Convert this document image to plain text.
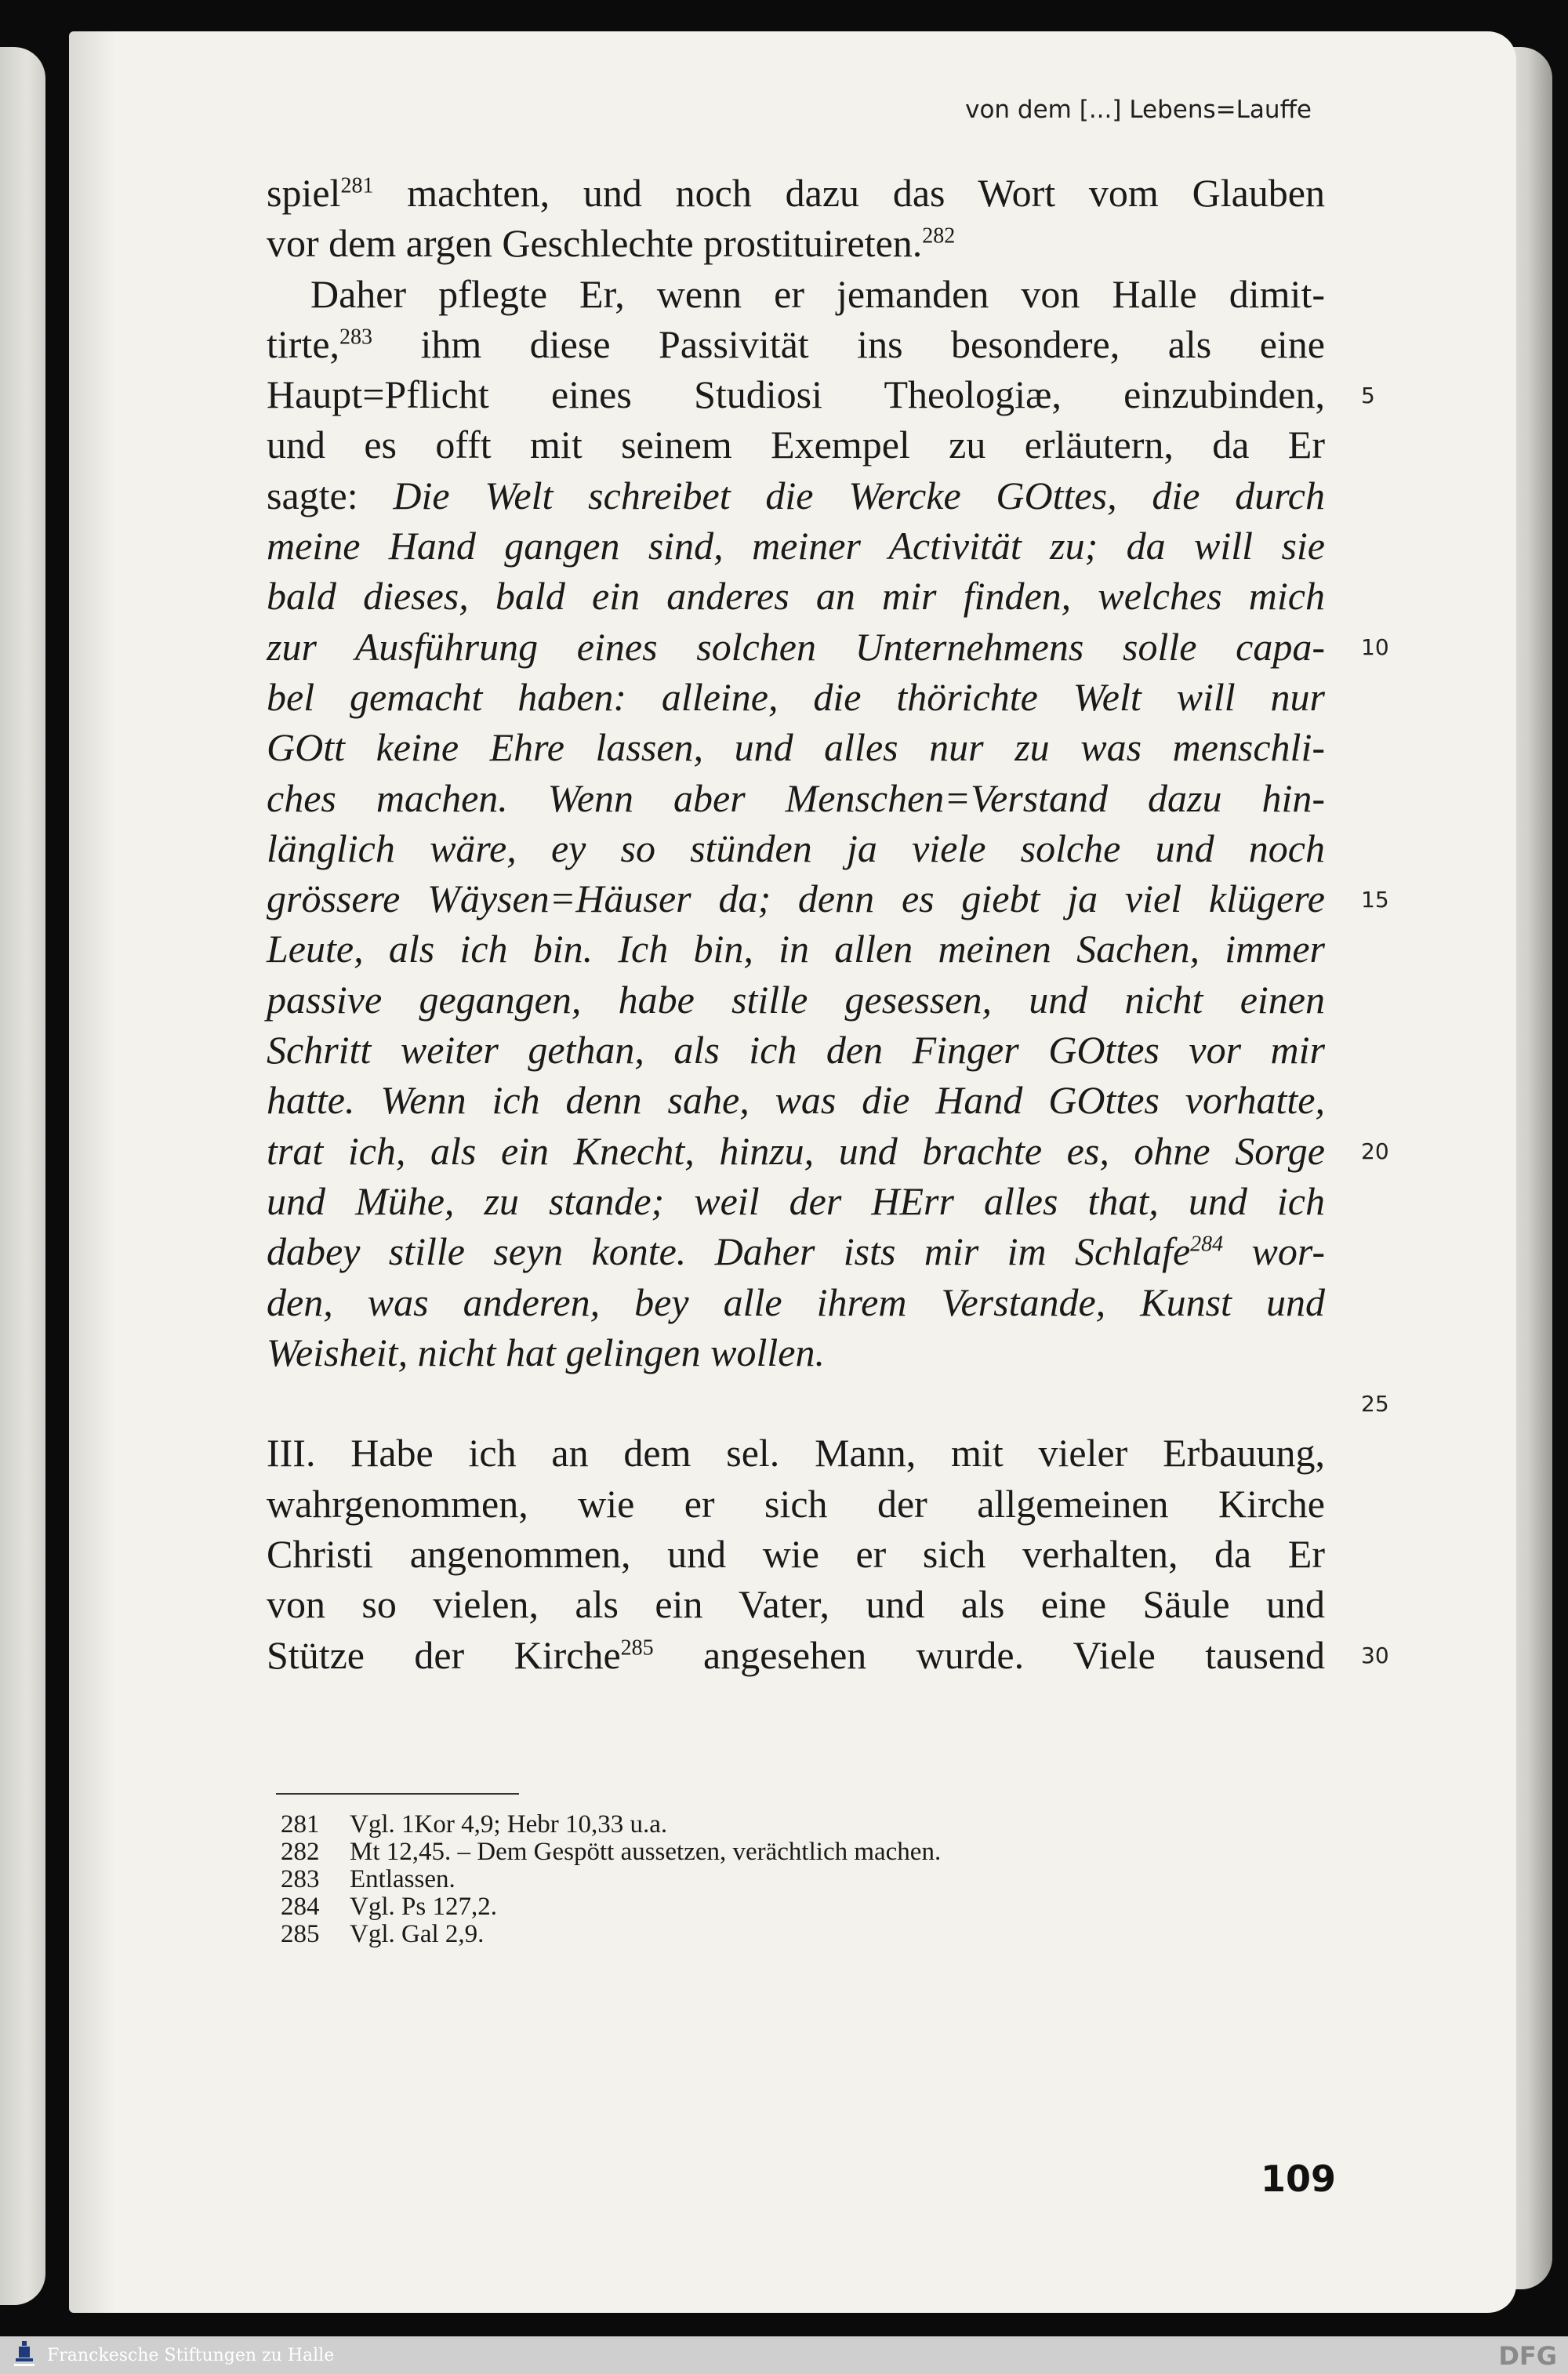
von dem [...] Lebens=Lauffe
spiel$^{281}$ machten, und noch dazu das Wort vom Glauben
vor dem argen Geschlechte prostituireten.$^{282}$
Daher pflegte Er, wenn er jemanden von Halle dimit-
tirte,$^{283}$ ihm diese Passivität ins besondere, als eine
Haupt=Pflicht eines Studiosi Theologiæ, einzubinden,
und es offt mit seinem Exempel zu erläutern, da Er
sagte: Die Welt schreibet die Wercke GOttes, die durch
meine Hand gangen sind, meiner Activität zu; da will sie
bald dieses, bald ein anderes an mir finden, welches mich
zur Ausführung eines solchen Unternehmens solle capa-
bel gemacht haben: alleine, die thörichte Welt will nur
GOtt keine Ehre lassen, und alles nur zu was menschli-
ches machen. Wenn aber Menschen=Verstand dazu hin-
länglich wäre, ey so stünden ja viele solche und noch
grössere Wäysen=Häuser da; denn es giebt ja viel klügere
Leute, als ich bin. Ich bin, in allen meinen Sachen, immer
passive gegangen, habe stille gesessen, und nicht einen
Schritt weiter gethan, als ich den Finger GOttes vor mir
hatte. Wenn ich denn sahe, was die Hand GOttes vorhatte,
trat ich, als ein Knecht, hinzu, und brachte es, ohne Sorge
und Mühe, zu stande; weil der HErr alles that, und ich
dabey stille seyn konte. Daher ists mir im Schlafe$^{284}$ wor-
den, was anderen, bey alle ihrem Verstande, Kunst und
Weisheit, nicht hat gelingen wollen.
III. Habe ich an dem sel. Mann, mit vieler Erbauung,
wahrgenommen, wie er sich der allgemeinen Kirche
Christi angenommen, und wie er sich verhalten, da Er
von so vielen, als ein Vater, und als eine Säule und
Stütze der Kirche$^{285}$ angesehen wurde. Viele tausend
5
10
15
20
25
30
281 Vgl. 1Kor 4,9; Hebr 10,33 u.a.
282 Mt 12,45. – Dem Gespött aussetzen, verächtlich machen.
283 Entlassen.
284 Vgl. Ps 127,2.
285 Vgl. Gal 2,9.
109
Franckesche Stiftungen zu Halle	DFG
